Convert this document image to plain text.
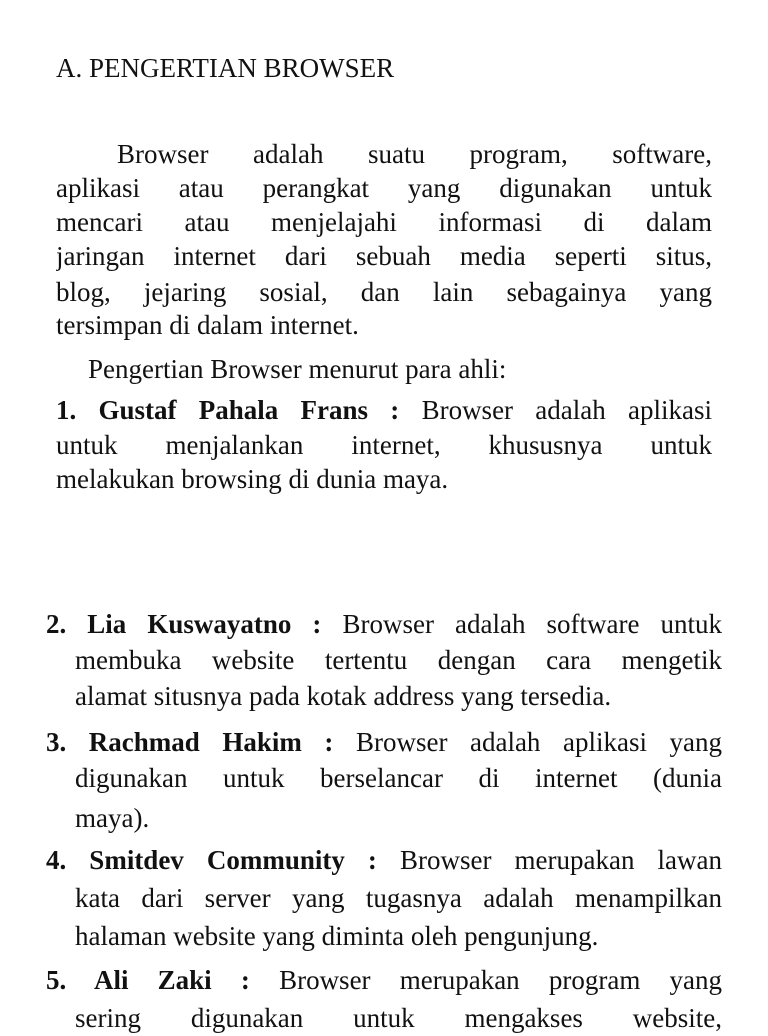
A. PENGERTIAN BROWSER
Browser adalah suatu program, software,
aplikasi atau perangkat yang digunakan untuk
mencari atau menjelajahi informasi di dalam
jaringan internet dari sebuah media seperti situs,
blog, jejaring sosial, dan lain sebagainya yang
tersimpan di dalam internet.
Pengertian Browser menurut para ahli:
1. Gustaf Pahala Frans : Browser adalah aplikasi
untuk menjalankan internet, khususnya untuk
melakukan browsing di dunia maya.
2. Lia Kuswayatno : Browser adalah software untuk
membuka website tertentu dengan cara mengetik
alamat situsnya pada kotak address yang tersedia.
3. Rachmad Hakim : Browser adalah aplikasi yang
digunakan untuk berselancar di internet (dunia
maya).
4. Smitdev Community : Browser merupakan lawan
kata dari server yang tugasnya adalah menampilkan
halaman website yang diminta oleh pengunjung.
5. Ali Zaki : Browser merupakan program yang
sering digunakan untuk mengakses website,
